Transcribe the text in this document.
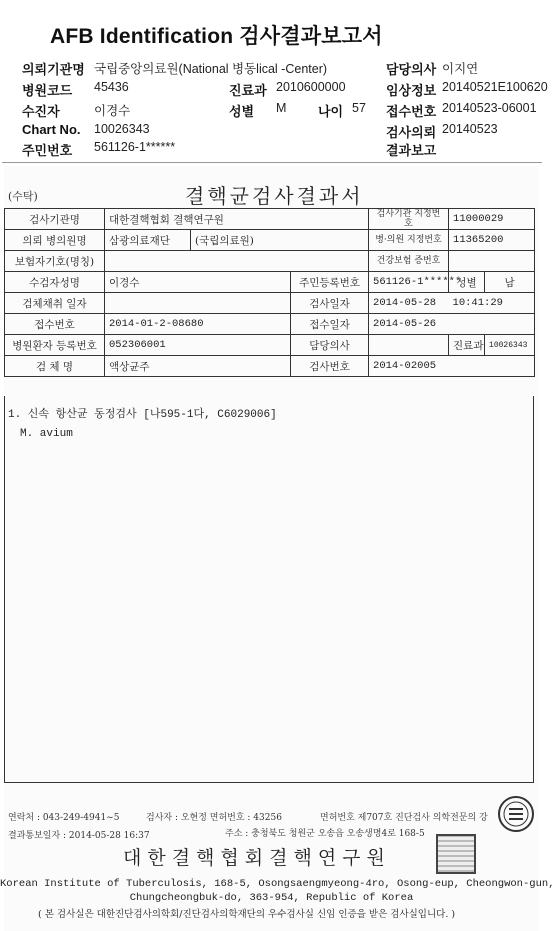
AFB Identification 검사결과보고서
의뢰기관명 국립중앙의료원(National 병동lical -Center)	담당의사 이지연
병원코드 45436	진료과 2010600000	임상정보 20140521E100620
수진자	이경수	성별 M 나이 57 접수번호 20140523-06001
Chart No. 10026343	검사의뢰 20140523
주민번호 561126-1******	결과보고
(수탁)	결핵균검사결과서
검사기관명	대한결핵협회 결핵연구원			검사기관 지정번호	11000029	
의뢰 병의원명	삼광의료재단	(국립의료원)		병·의원 지정번호	11365200	
보험자기호(명칭)				건강보험 증번호		
수검자성명	이경수		주민등록번호	561126-1******	성별	남
검체채취 일자			검사일자	2014-05-28	10:41:29	
접수번호	2014-01-2-08680		접수일자	2014-05-26		
병원환자 등록번호	052306001		담당의사		진료과	10026343
검 체 명	액상균주		검사번호	2014-02005		
1. 신속 항산균 동정검사 [나595-1다, C6029006]
M. avium
연락처 : 043-249-4941~5	검사자 : 오현정 면허번호 : 43256	면허번호 제707호 진단검사 의학전문의 강
결과통보일자 : 2014-05-28 16:37	주소 : 충청북도 청원군 오송읍 오송생명4로 168-5
대한결핵협회결핵연구원
Korean Institute of Tuberculosis, 168-5, Osongsaengmyeong-4ro, Osong-eup, Cheongwon-gun,
Chungcheongbuk-do, 363-954, Republic of Korea
( 본 검사실은 대한진단검사의학회/진단검사의학재단의 우수검사실 신임 인증을 받은 검사실입니다. )
